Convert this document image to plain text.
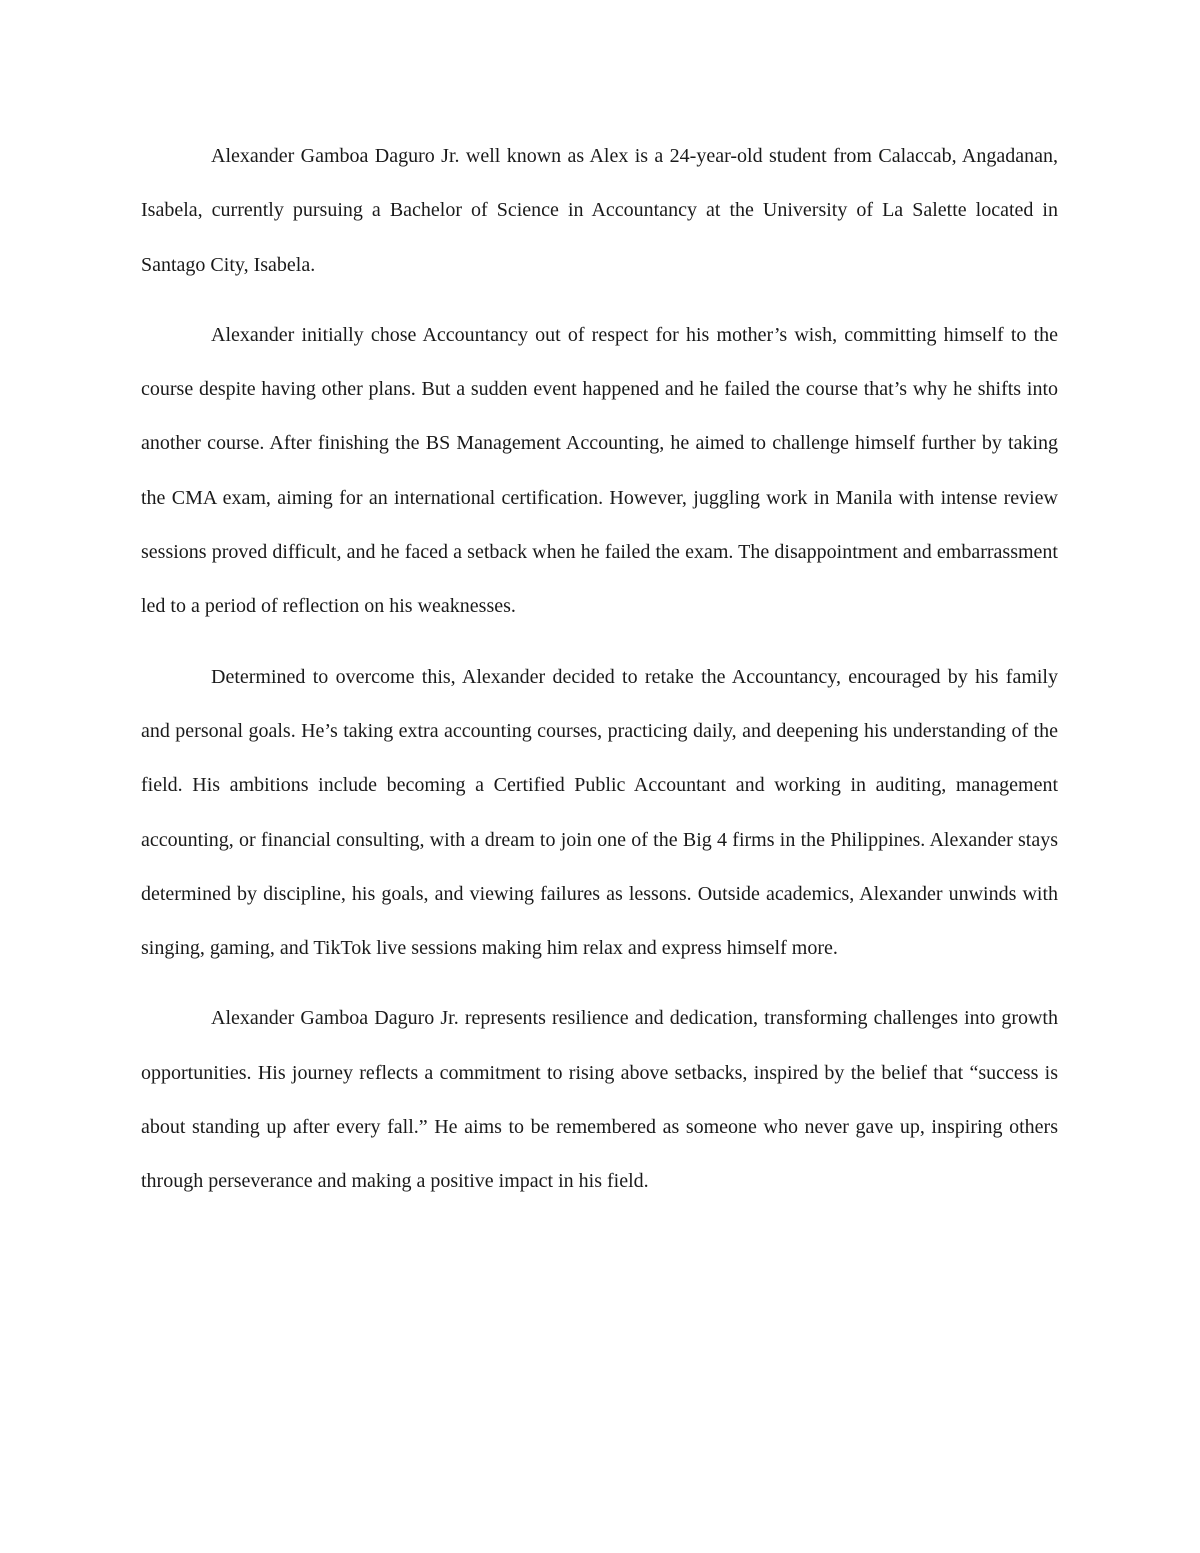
Alexander Gamboa Daguro Jr. well known as Alex is a 24-year-old student from Calaccab, Angadanan, Isabela, currently pursuing a Bachelor of Science in Accountancy at the University of La Salette located in Santago City, Isabela.

Alexander initially chose Accountancy out of respect for his mother’s wish, committing himself to the course despite having other plans. But a sudden event happened and he failed the course that’s why he shifts into another course. After finishing the BS Management Accounting, he aimed to challenge himself further by taking the CMA exam, aiming for an international certification. However, juggling work in Manila with intense review sessions proved difficult, and he faced a setback when he failed the exam. The disappointment and embarrassment led to a period of reflection on his weaknesses.

Determined to overcome this, Alexander decided to retake the Accountancy, encouraged by his family and personal goals. He’s taking extra accounting courses, practicing daily, and deepening his understanding of the field. His ambitions include becoming a Certified Public Accountant and working in auditing, management accounting, or financial consulting, with a dream to join one of the Big 4 firms in the Philippines. Alexander stays determined by discipline, his goals, and viewing failures as lessons. Outside academics, Alexander unwinds with singing, gaming, and TikTok live sessions making him relax and express himself more.

Alexander Gamboa Daguro Jr. represents resilience and dedication, transforming challenges into growth opportunities. His journey reflects a commitment to rising above setbacks, inspired by the belief that “success is about standing up after every fall.” He aims to be remembered as someone who never gave up, inspiring others through perseverance and making a positive impact in his field.
